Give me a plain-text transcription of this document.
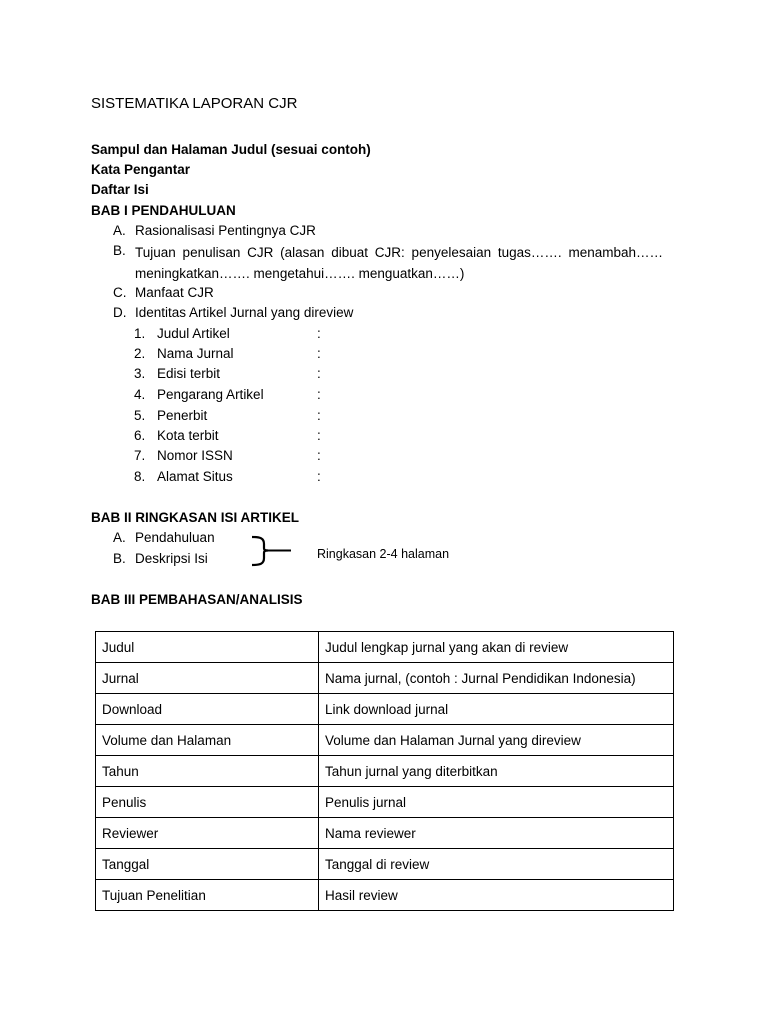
SISTEMATIKA LAPORAN CJR
Sampul dan Halaman Judul (sesuai contoh)
Kata Pengantar
Daftar Isi
BAB I PENDAHULUAN
A. Rasionalisasi Pentingnya CJR
B. Tujuan penulisan CJR (alasan dibuat CJR: penyelesaian tugas……. menambah…… meningkatkan……. mengetahui……. menguatkan……)
C. Manfaat CJR
D. Identitas Artikel Jurnal yang direview
1. Judul Artikel	:
2. Nama Jurnal	:
3. Edisi terbit	:
4. Pengarang Artikel	:
5. Penerbit	:
6. Kota terbit	:
7. Nomor ISSN	:
8. Alamat Situs	:
BAB II RINGKASAN ISI ARTIKEL
A. Pendahuluan
B. Deskripsi Isi	Ringkasan 2-4 halaman
BAB III PEMBAHASAN/ANALISIS
Judul	Judul lengkap jurnal yang akan di review
Jurnal	Nama jurnal, (contoh : Jurnal Pendidikan Indonesia)
Download	Link download jurnal
Volume dan Halaman	Volume dan Halaman Jurnal yang direview
Tahun	Tahun jurnal yang diterbitkan
Penulis	Penulis jurnal
Reviewer	Nama reviewer
Tanggal	Tanggal di review
Tujuan Penelitian	Hasil review
